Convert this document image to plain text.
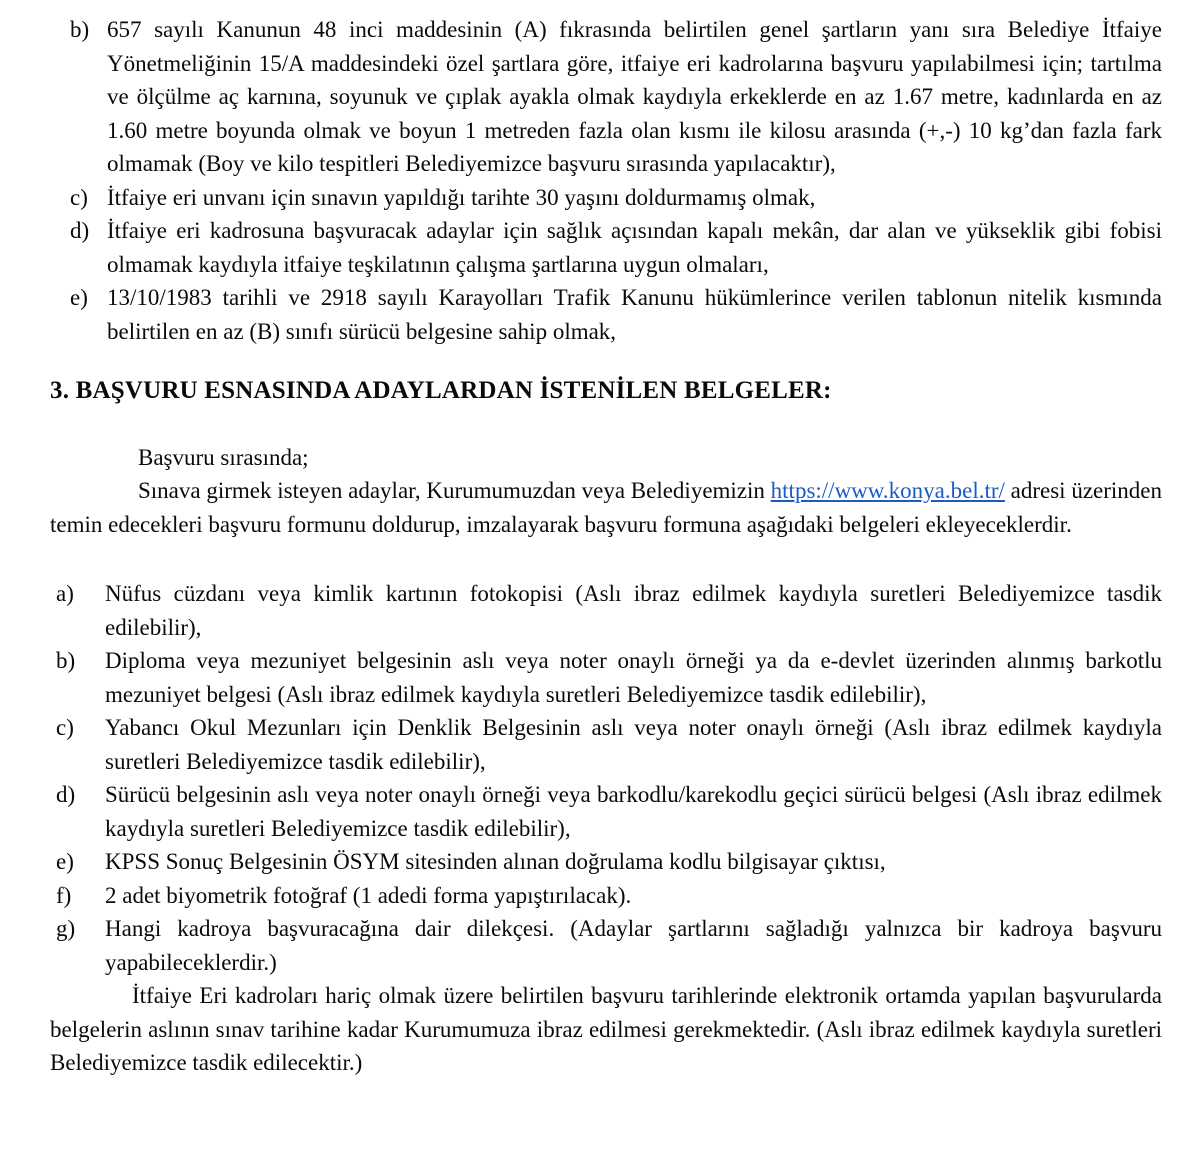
b) 657 sayılı Kanunun 48 inci maddesinin (A) fıkrasında belirtilen genel şartların yanı sıra Belediye İtfaiye Yönetmeliğinin 15/A maddesindeki özel şartlara göre, itfaiye eri kadrolarına başvuru yapılabilmesi için; tartılma ve ölçülme aç karnına, soyunuk ve çıplak ayakla olmak kaydıyla erkeklerde en az 1.67 metre, kadınlarda en az 1.60 metre boyunda olmak ve boyun 1 metreden fazla olan kısmı ile kilosu arasında (+,-) 10 kg’dan fazla fark olmamak (Boy ve kilo tespitleri Belediyemizce başvuru sırasında yapılacaktır),
c) İtfaiye eri unvanı için sınavın yapıldığı tarihte 30 yaşını doldurmamış olmak,
d) İtfaiye eri kadrosuna başvuracak adaylar için sağlık açısından kapalı mekân, dar alan ve yükseklik gibi fobisi olmamak kaydıyla itfaiye teşkilatının çalışma şartlarına uygun olmaları,
e) 13/10/1983 tarihli ve 2918 sayılı Karayolları Trafik Kanunu hükümlerince verilen tablonun nitelik kısmında belirtilen en az (B) sınıfı sürücü belgesine sahip olmak,
3. BAŞVURU ESNASINDA ADAYLARDAN İSTENİLEN BELGELER:

Başvuru sırasında;

Sınava girmek isteyen adaylar, Kurumumuzdan veya Belediyemizin https://www.konya.bel.tr/ adresi üzerinden temin edecekleri başvuru formunu doldurup, imzalayarak başvuru formuna aşağıdaki belgeleri ekleyeceklerdir.

a) Nüfus cüzdanı veya kimlik kartının fotokopisi (Aslı ibraz edilmek kaydıyla suretleri Belediyemizce tasdik edilebilir),
b) Diploma veya mezuniyet belgesinin aslı veya noter onaylı örneği ya da e-devlet üzerinden alınmış barkotlu mezuniyet belgesi (Aslı ibraz edilmek kaydıyla suretleri Belediyemizce tasdik edilebilir),
c) Yabancı Okul Mezunları için Denklik Belgesinin aslı veya noter onaylı örneği (Aslı ibraz edilmek kaydıyla suretleri Belediyemizce tasdik edilebilir),
d) Sürücü belgesinin aslı veya noter onaylı örneği veya barkodlu/karekodlu geçici sürücü belgesi (Aslı ibraz edilmek kaydıyla suretleri Belediyemizce tasdik edilebilir),
e) KPSS Sonuç Belgesinin ÖSYM sitesinden alınan doğrulama kodlu bilgisayar çıktısı,
f) 2 adet biyometrik fotoğraf (1 adedi forma yapıştırılacak).
g) Hangi kadroya başvuracağına dair dilekçesi. (Adaylar şartlarını sağladığı yalnızca bir kadroya başvuru yapabileceklerdir.)

İtfaiye Eri kadroları hariç olmak üzere belirtilen başvuru tarihlerinde elektronik ortamda yapılan başvurularda belgelerin aslının sınav tarihine kadar Kurumumuza ibraz edilmesi gerekmektedir. (Aslı ibraz edilmek kaydıyla suretleri Belediyemizce tasdik edilecektir.)
